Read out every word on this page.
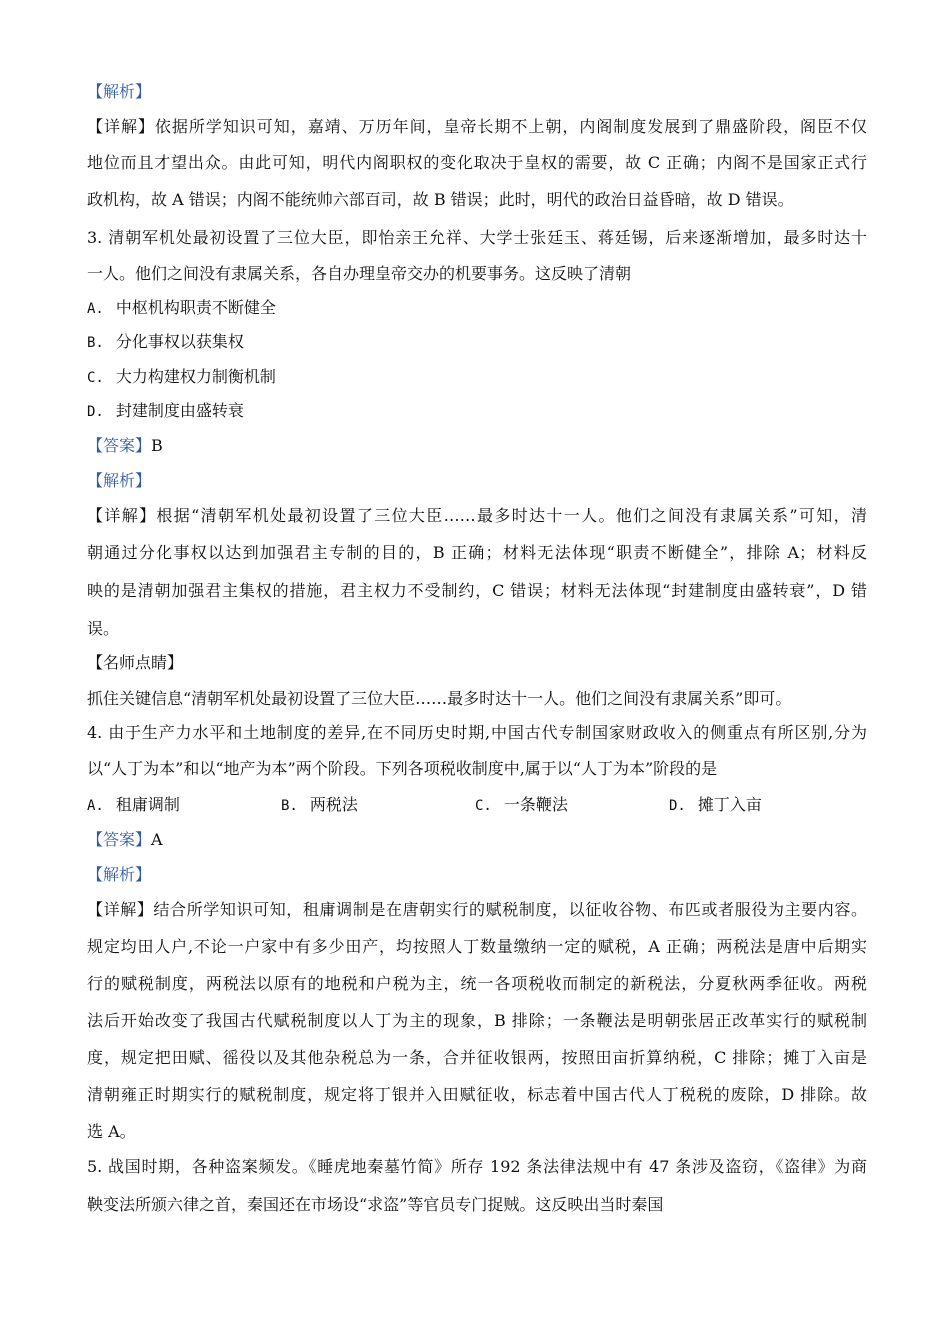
【解析】
【详解】依据所学知识可知，嘉靖、万历年间，皇帝长期不上朝，内阁制度发展到了鼎盛阶段，阁臣不仅
地位而且才望出众。由此可知，明代内阁职权的变化取决于皇权的需要，故 C 正确；内阁不是国家正式行
政机构，故 A 错误；内阁不能统帅六部百司，故 B 错误；此时，明代的政治日益昏暗，故 D 错误。
3. 清朝军机处最初设置了三位大臣，即怡亲王允祥、大学士张廷玉、蒋廷锡，后来逐渐增加，最多时达十
一人。他们之间没有隶属关系，各自办理皇帝交办的机要事务。这反映了清朝
A. 中枢机构职责不断健全
B. 分化事权以获集权
C. 大力构建权力制衡机制
D. 封建制度由盛转衰
【答案】B
【解析】
【详解】根据“清朝军机处最初设置了三位大臣……最多时达十一人。他们之间没有隶属关系”可知，清
朝通过分化事权以达到加强君主专制的目的，B 正确；材料无法体现“职责不断健全”，排除 A；材料反
映的是清朝加强君主集权的措施，君主权力不受制约，C 错误；材料无法体现“封建制度由盛转衰”，D 错
误。
【名师点睛】
抓住关键信息“清朝军机处最初设置了三位大臣……最多时达十一人。他们之间没有隶属关系”即可。
4. 由于生产力水平和土地制度的差异,在不同历史时期,中国古代专制国家财政收入的侧重点有所区别,分为
以“人丁为本”和以“地产为本”两个阶段。下列各项税收制度中,属于以“人丁为本”阶段的是
A. 租庸调制	B. 两税法	C. 一条鞭法	D. 摊丁入亩
【答案】A
【解析】
【详解】结合所学知识可知，租庸调制是在唐朝实行的赋税制度，以征收谷物、布匹或者服役为主要内容。
规定均田人户,不论一户家中有多少田产，均按照人丁数量缴纳一定的赋税，A 正确；两税法是唐中后期实
行的赋税制度，两税法以原有的地税和户税为主，统一各项税收而制定的新税法，分夏秋两季征收。两税
法后开始改变了我国古代赋税制度以人丁为主的现象，B 排除；一条鞭法是明朝张居正改革实行的赋税制
度，规定把田赋、徭役以及其他杂税总为一条，合并征收银两，按照田亩折算纳税，C 排除；摊丁入亩是
清朝雍正时期实行的赋税制度，规定将丁银并入田赋征收，标志着中国古代人丁税税的废除，D 排除。故
选 A。
5. 战国时期，各种盗案频发。《睡虎地秦墓竹简》所存 192 条法律法规中有 47 条涉及盗窃，《盗律》为商
鞅变法所颁六律之首，秦国还在市场设“求盗”等官员专门捉贼。这反映出当时秦国
